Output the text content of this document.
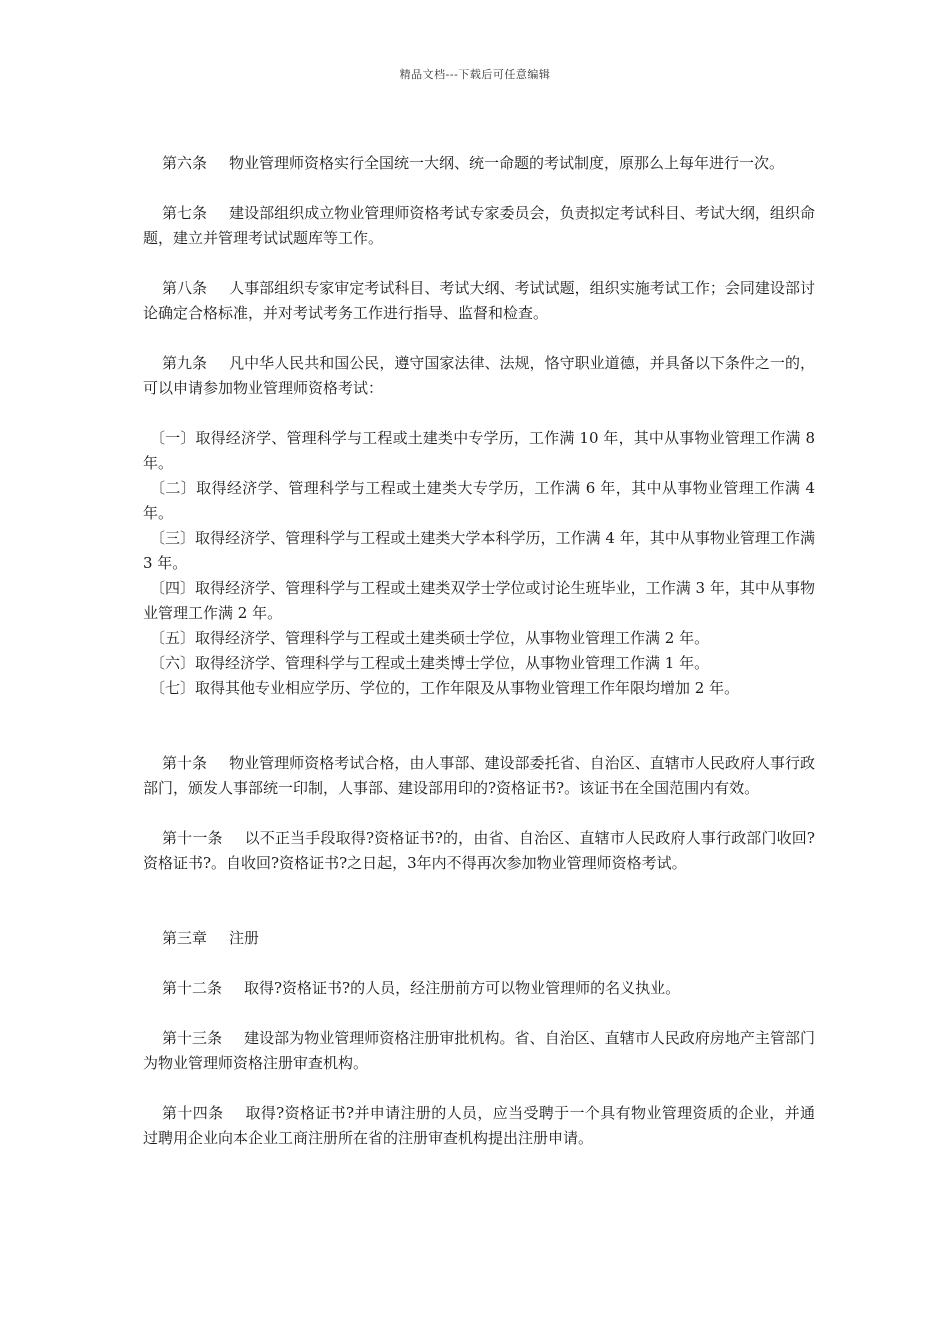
精品文档---下载后可任意编辑

第六条 物业管理师资格实行全国统一大纲、统一命题的考试制度，原那么上每年进行一次。

第七条 建设部组织成立物业管理师资格考试专家委员会，负责拟定考试科目、考试大纲，组织命题，建立并管理考试试题库等工作。

第八条 人事部组织专家审定考试科目、考试大纲、考试试题，组织实施考试工作；会同建设部讨论确定合格标准，并对考试考务工作进行指导、监督和检查。

第九条 凡中华人民共和国公民，遵守国家法律、法规，恪守职业道德，并具备以下条件之一的，可以申请参加物业管理师资格考试：

〔一〕取得经济学、管理科学与工程或土建类中专学历，工作满 10 年，其中从事物业管理工作满 8 年。

〔二〕取得经济学、管理科学与工程或土建类大专学历，工作满 6 年，其中从事物业管理工作满 4 年。

〔三〕取得经济学、管理科学与工程或土建类大学本科学历，工作满 4 年，其中从事物业管理工作满 3 年。

〔四〕取得经济学、管理科学与工程或土建类双学士学位或讨论生班毕业，工作满 3 年，其中从事物业管理工作满 2 年。

〔五〕取得经济学、管理科学与工程或土建类硕士学位，从事物业管理工作满 2 年。

〔六〕取得经济学、管理科学与工程或土建类博士学位，从事物业管理工作满 1 年。

〔七〕取得其他专业相应学历、学位的，工作年限及从事物业管理工作年限均增加 2 年。

第十条 物业管理师资格考试合格，由人事部、建设部委托省、自治区、直辖市人民政府人事行政部门，颁发人事部统一印制，人事部、建设部用印的?资格证书?。该证书在全国范围内有效。

第十一条 以不正当手段取得?资格证书?的，由省、自治区、直辖市人民政府人事行政部门收回?资格证书?。自收回?资格证书?之日起，3年内不得再次参加物业管理师资格考试。

第三章 注册

第十二条 取得?资格证书?的人员，经注册前方可以物业管理师的名义执业。

第十三条 建设部为物业管理师资格注册审批机构。省、自治区、直辖市人民政府房地产主管部门为物业管理师资格注册审查机构。

第十四条 取得?资格证书?并申请注册的人员，应当受聘于一个具有物业管理资质的企业，并通过聘用企业向本企业工商注册所在省的注册审查机构提出注册申请。
